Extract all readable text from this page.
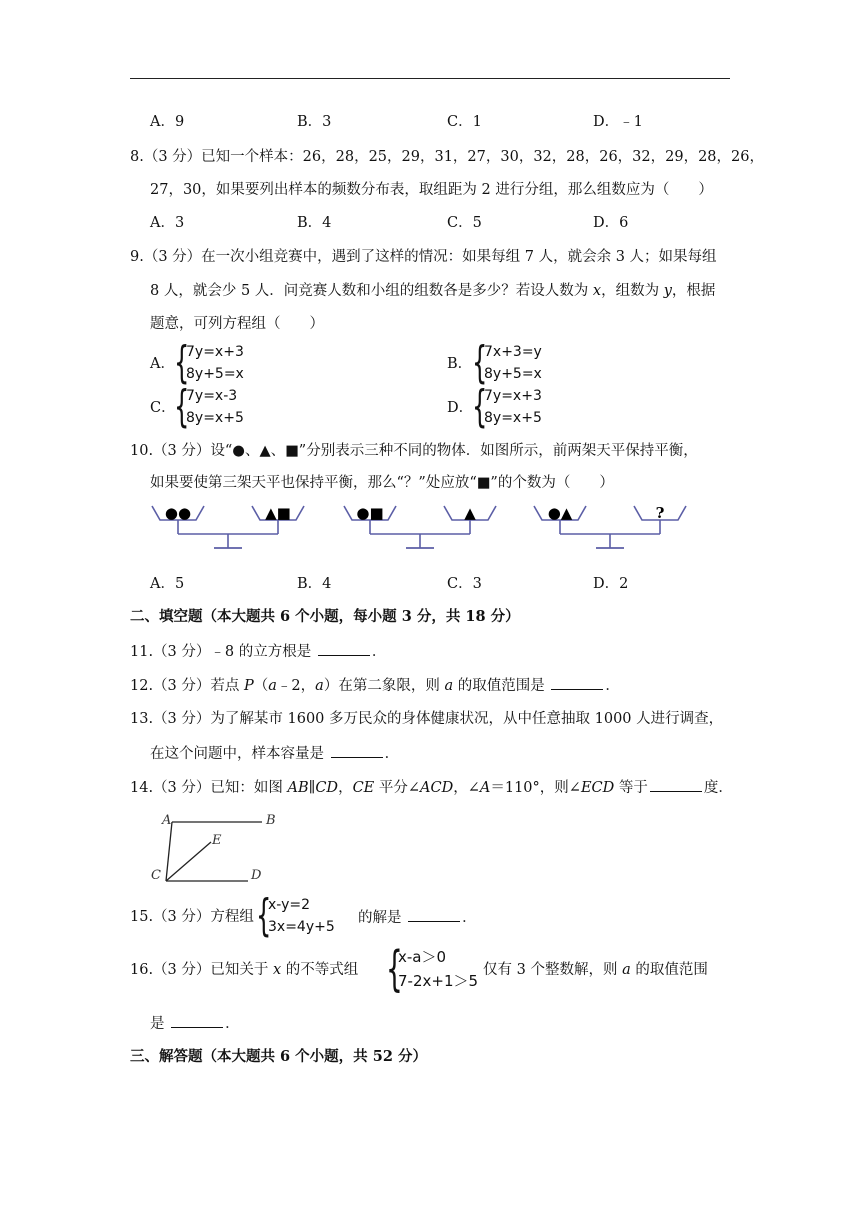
A．9	B．3	C．1	D．﹣1
8.（3 分）已知一个样本：26，28，25，29，31，27，30，32，28，26，32，29，28，26，
27，30，如果要列出样本的频数分布表，取组距为 2 进行分组，那么组数应为（　　）
A．3	B．4	C．5	D．6
9.（3 分）在一次小组竞赛中，遇到了这样的情况：如果每组 7 人，就会余 3 人；如果每组
8 人，就会少 5 人．问竞赛人数和小组的组数各是多少？若设人数为 x，组数为 y，根据
题意，可列方程组（　　）
A． {
7y=x+3
8y+5=x
B． {
7x+3=y
8y+5=x
C．
{
7y=x-3
8y=x+5
D．
{
7y=x+3
8y=x+5
10.（3 分）设“●、▲、■”分别表示三种不同的物体．如图所示，前两架天平保持平衡，
如果要使第三架天平也保持平衡，那么“？”处应放“■”的个数为（　　）
●●	▲■	●■	▲	●▲	?
A．5	B．4	C．3	D．2
二、填空题（本大题共 6 个小题，每小题 3 分，共 18 分）
11.（3 分）﹣8 的立方根是	．
12.（3 分）若点 P（a﹣2，a）在第二象限，则 a 的取值范围是	．
13.（3 分）为了解某市 1600 多万民众的身体健康状况，从中任意抽取 1000 人进行调查，
在这个问题中，样本容量是	．
14.（3 分）已知：如图 AB∥CD，CE 平分∠ACD，∠A＝110°，则∠ECD 等于	度．
A	B
C	D
E
15.（3 分）方程组 {
x-y=2
3x=4y+5
的解是	．
16.（3 分）已知关于 x 的不等式组 {
x-a＞0
7-2x+1＞5
仅有 3 个整数解，则 a 的取值范围
是	．
三、解答题（本大题共 6 个小题，共 52 分）
